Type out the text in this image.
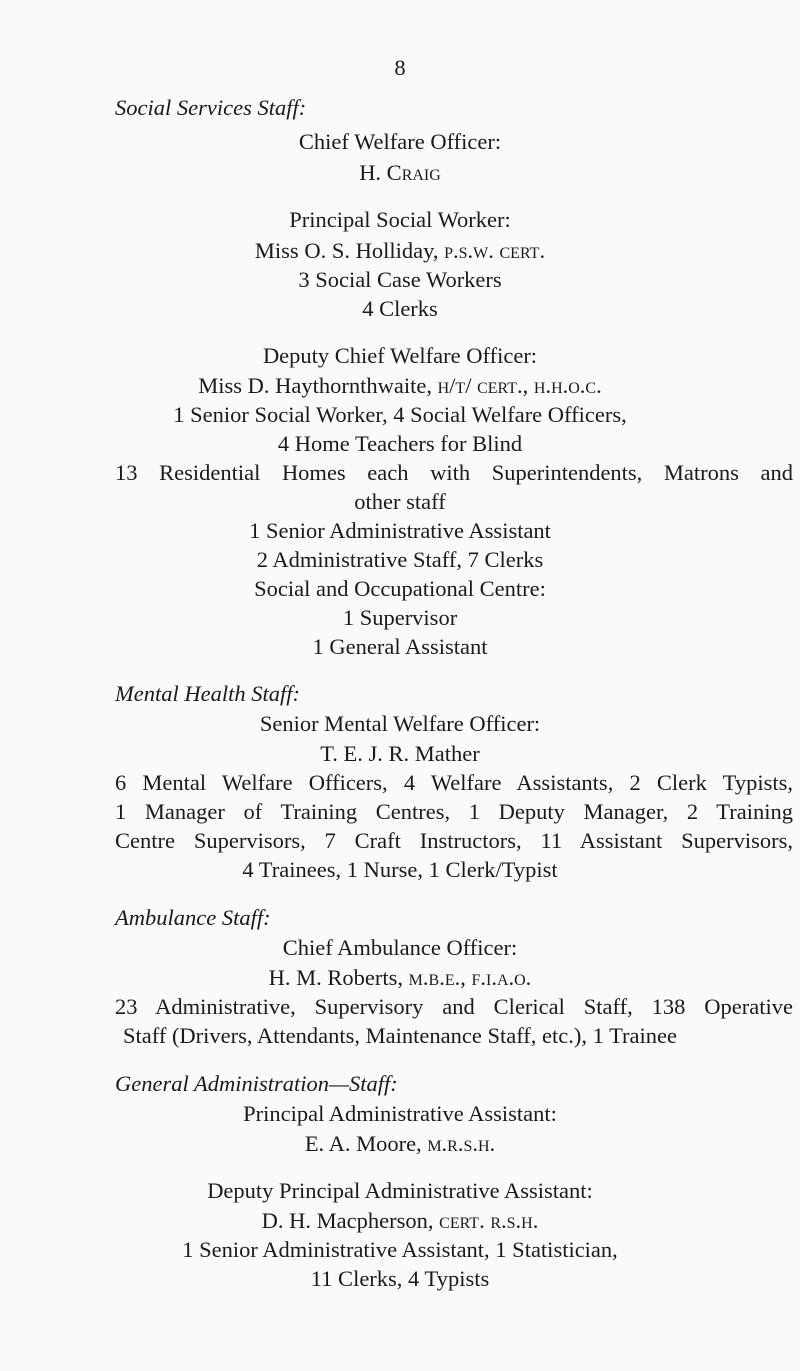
8
Social Services Staff:
Chief Welfare Officer:
H. Craig
Principal Social Worker:
Miss O. S. Holliday, p.s.w. cert.
3 Social Case Workers
4 Clerks
Deputy Chief Welfare Officer:
Miss D. Haythornthwaite, h/t/ cert., h.h.o.c.
1 Senior Social Worker, 4 Social Welfare Officers,
4 Home Teachers for Blind
13 Residential Homes each with Superintendents, Matrons and
other staff
1 Senior Administrative Assistant
2 Administrative Staff, 7 Clerks
Social and Occupational Centre:
1 Supervisor
1 General Assistant
Mental Health Staff:
Senior Mental Welfare Officer:
T. E. J. R. Mather
6 Mental Welfare Officers, 4 Welfare Assistants, 2 Clerk Typists,
1 Manager of Training Centres, 1 Deputy Manager, 2 Training
Centre Supervisors, 7 Craft Instructors, 11 Assistant Supervisors,
4 Trainees, 1 Nurse, 1 Clerk/Typist
Ambulance Staff:
Chief Ambulance Officer:
H. M. Roberts, m.b.e., f.i.a.o.
23 Administrative, Supervisory and Clerical Staff, 138 Operative
Staff (Drivers, Attendants, Maintenance Staff, etc.), 1 Trainee
General Administration—Staff:
Principal Administrative Assistant:
E. A. Moore, m.r.s.h.
Deputy Principal Administrative Assistant:
D. H. Macpherson, cert. r.s.h.
1 Senior Administrative Assistant, 1 Statistician,
11 Clerks, 4 Typists
